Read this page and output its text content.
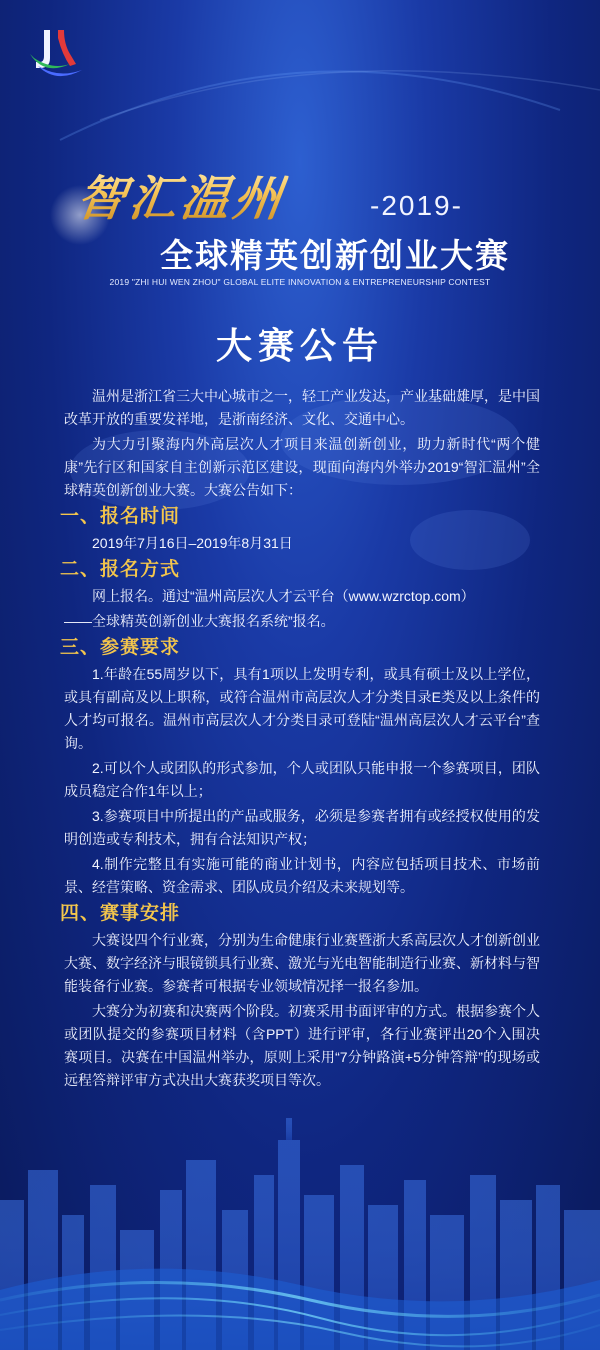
智汇温州	-2019-
全球精英创新创业大赛
2019 "ZHI HUI WEN ZHOU" GLOBAL ELITE INNOVATION & ENTREPRENEURSHIP CONTEST
大赛公告

温州是浙江省三大中心城市之一，轻工产业发达，产业基础雄厚，是中国改革开放的重要发祥地，是浙南经济、文化、交通中心。

为大力引聚海内外高层次人才项目来温创新创业，助力新时代“两个健康”先行区和国家自主创新示范区建设，现面向海内外举办2019“智汇温州”全球精英创新创业大赛。大赛公告如下：

一、报名时间

2019年7月16日–2019年8月31日

二、报名方式

网上报名。通过“温州高层次人才云平台（www.wzrctop.com）

——全球精英创新创业大赛报名系统”报名。

三、参赛要求

1.年龄在55周岁以下，具有1项以上发明专利，或具有硕士及以上学位，或具有副高及以上职称，或符合温州市高层次人才分类目录E类及以上条件的人才均可报名。温州市高层次人才分类目录可登陆“温州高层次人才云平台”查询。

2.可以个人或团队的形式参加，个人或团队只能申报一个参赛项目，团队成员稳定合作1年以上；

3.参赛项目中所提出的产品或服务，必须是参赛者拥有或经授权使用的发明创造或专利技术，拥有合法知识产权；

4.制作完整且有实施可能的商业计划书，内容应包括项目技术、市场前景、经营策略、资金需求、团队成员介绍及未来规划等。

四、赛事安排

大赛设四个行业赛，分别为生命健康行业赛暨浙大系高层次人才创新创业大赛、数字经济与眼镜锁具行业赛、激光与光电智能制造行业赛、新材料与智能装备行业赛。参赛者可根据专业领域情况择一报名参加。

大赛分为初赛和决赛两个阶段。初赛采用书面评审的方式。根据参赛个人或团队提交的参赛项目材料（含PPT）进行评审，各行业赛评出20个入围决赛项目。决赛在中国温州举办，原则上采用“7分钟路演+5分钟答辩”的现场或远程答辩评审方式决出大赛获奖项目等次。
